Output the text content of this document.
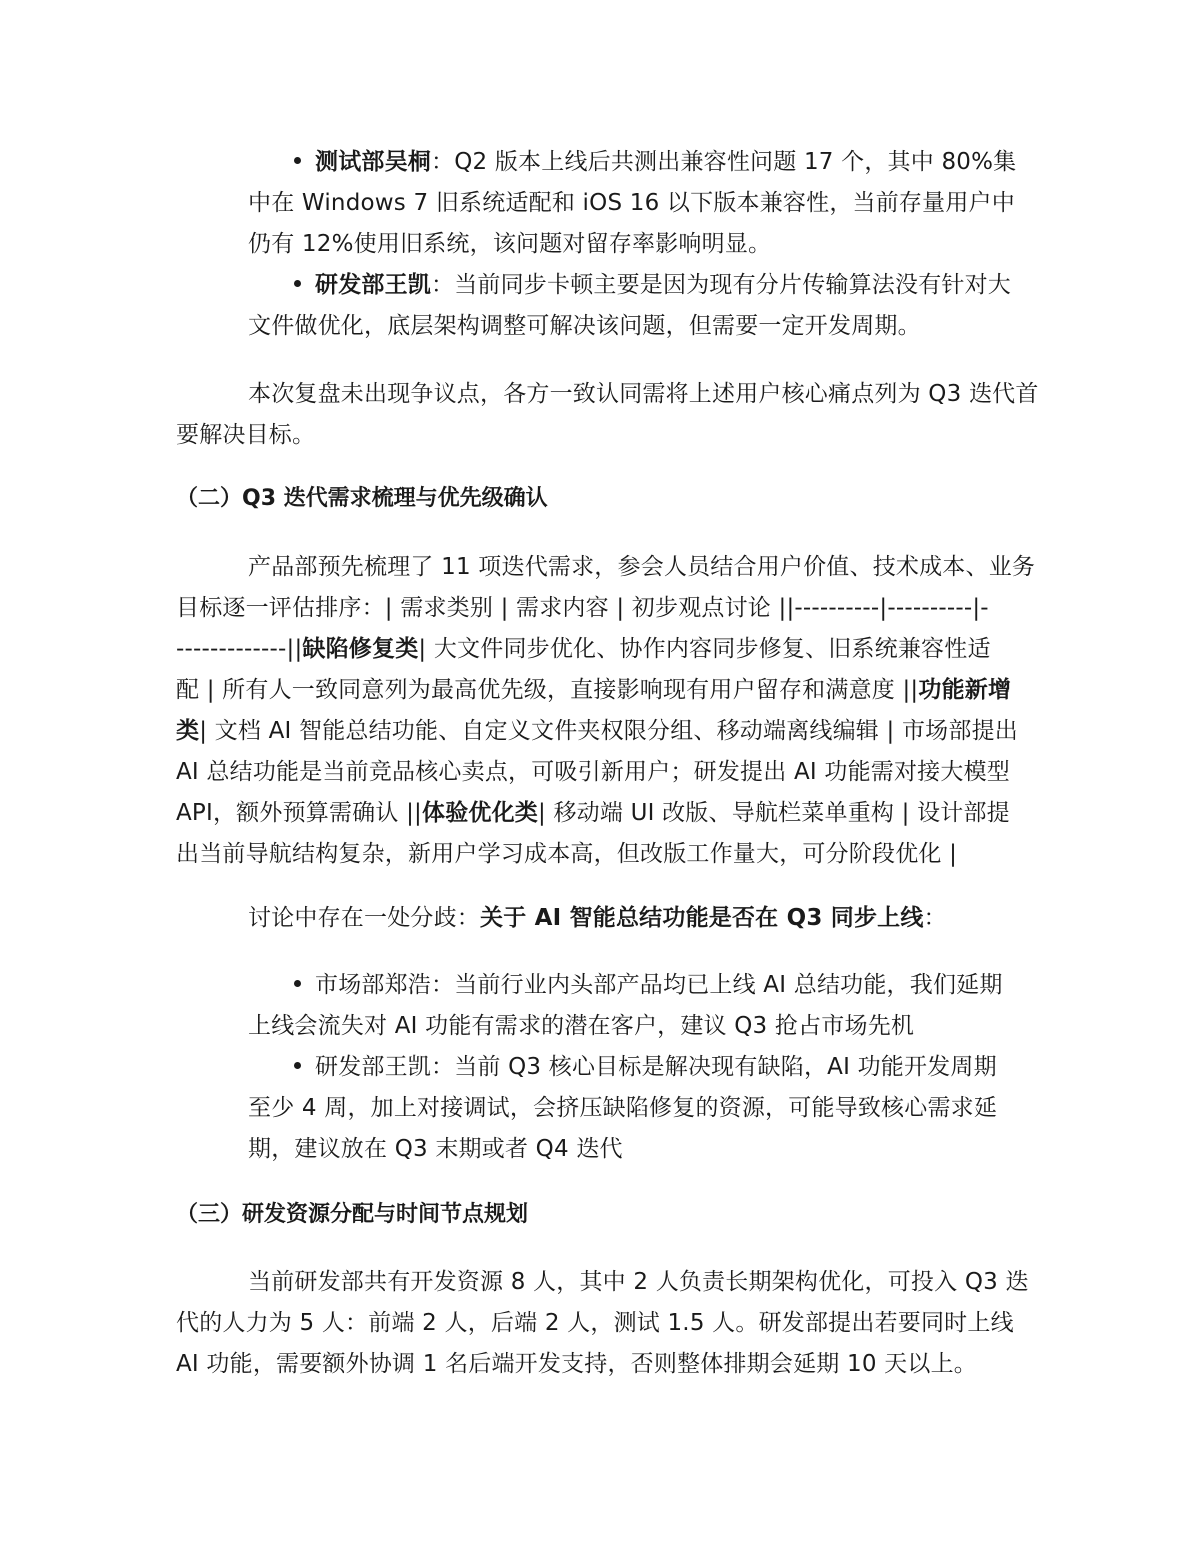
测试部吴桐：Q2 版本上线后共测出兼容性问题 17 个，其中 80%集
中在 Windows 7 旧系统适配和 iOS 16 以下版本兼容性，当前存量用户中
仍有 12%使用旧系统，该问题对留存率影响明显。
研发部王凯：当前同步卡顿主要是因为现有分片传输算法没有针对大
文件做优化，底层架构调整可解决该问题，但需要一定开发周期。
本次复盘未出现争议点，各方一致认同需将上述用户核心痛点列为 Q3 迭代首
要解决目标。
（二）Q3 迭代需求梳理与优先级确认
产品部预先梳理了 11 项迭代需求，参会人员结合用户价值、技术成本、业务
目标逐一评估排序：| 需求类别 | 需求内容 | 初步观点讨论 ||----------|----------|-
-------------||缺陷修复类| 大文件同步优化、协作内容同步修复、旧系统兼容性适
配 | 所有人一致同意列为最高优先级，直接影响现有用户留存和满意度 ||功能新增
类| 文档 AI 智能总结功能、自定义文件夹权限分组、移动端离线编辑 | 市场部提出
AI 总结功能是当前竞品核心卖点，可吸引新用户；研发提出 AI 功能需对接大模型
API，额外预算需确认 ||体验优化类| 移动端 UI 改版、导航栏菜单重构 | 设计部提
出当前导航结构复杂，新用户学习成本高，但改版工作量大，可分阶段优化 |
讨论中存在一处分歧：关于 AI 智能总结功能是否在 Q3 同步上线：
市场部郑浩：当前行业内头部产品均已上线 AI 总结功能，我们延期
上线会流失对 AI 功能有需求的潜在客户，建议 Q3 抢占市场先机
研发部王凯：当前 Q3 核心目标是解决现有缺陷，AI 功能开发周期
至少 4 周，加上对接调试，会挤压缺陷修复的资源，可能导致核心需求延
期，建议放在 Q3 末期或者 Q4 迭代
（三）研发资源分配与时间节点规划
当前研发部共有开发资源 8 人，其中 2 人负责长期架构优化，可投入 Q3 迭
代的人力为 5 人：前端 2 人，后端 2 人，测试 1.5 人。研发部提出若要同时上线
AI 功能，需要额外协调 1 名后端开发支持，否则整体排期会延期 10 天以上。
